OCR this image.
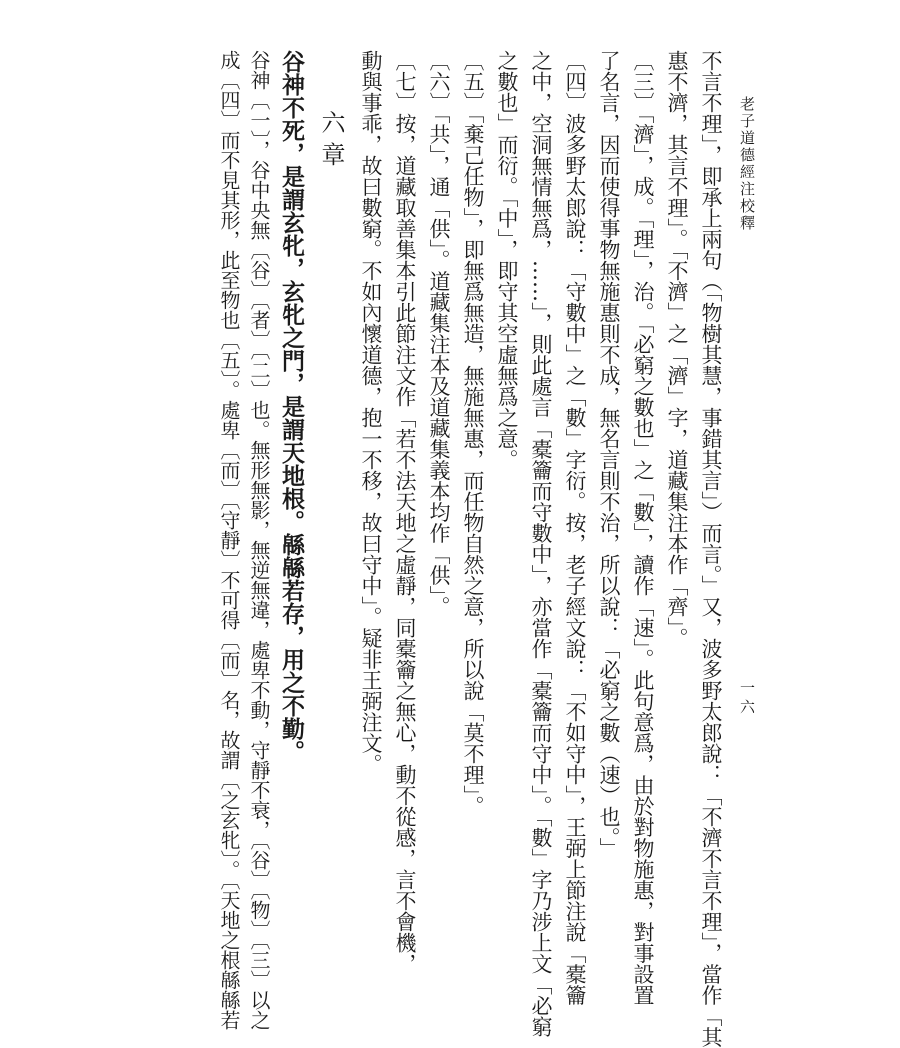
老子道德經注校釋
一六
不言不理」，即承上兩句（「物樹其慧，事錯其言」）而言。」又，波多野太郎說：「不濟不言不理」，當作「其
惠不濟，其言不理」。「不濟」之「濟」字，道藏集注本作「齊」。
〔三〕「濟」，成。「理」，治。「必窮之數也」之「數」，讀作「速」。此句意爲，由於對物施惠，對事設置
了名言，因而使得事物無施惠則不成，無名言則不治，所以說：「必窮之數（速）也。」
〔四〕波多野太郎說：「守數中」之「數」字衍。按，老子經文說：「不如守中」，王弼上節注說「橐籥
之中，空洞無情無爲，……」，則此處言「橐籥而守數中」，亦當作「橐籥而守中」。「數」字乃涉上文「必窮
之數也」而衍。「中」，即守其空虛無爲之意。
〔五〕「棄己任物」，即無爲無造，無施無惠，而任物自然之意，所以說「莫不理」。
〔六〕「共」，通「供」。道藏集注本及道藏集義本均作「供」。
〔七〕按，道藏取善集本引此節注文作「若不法天地之虛靜，同橐籥之無心，動不從感，言不會機，
動與事乖，故曰數窮。不如內懷道德，抱一不移，故曰守中」。疑非王弼注文。
六章
谷神不死，是謂玄牝，玄牝之門，是謂天地根。緜緜若存，用之不勤。
谷神〔一〕，谷中央無〔谷〕〔者〕〔二〕也。無形無影，無逆無違，處卑不動，守靜不衰，〔谷〕〔物〕〔三〕以之
成〔四〕而不見其形，此至物也〔五〕。處卑〔而〕〔守靜〕不可得〔而〕名，故謂〔之玄牝〕。〔天地之根緜緜若
